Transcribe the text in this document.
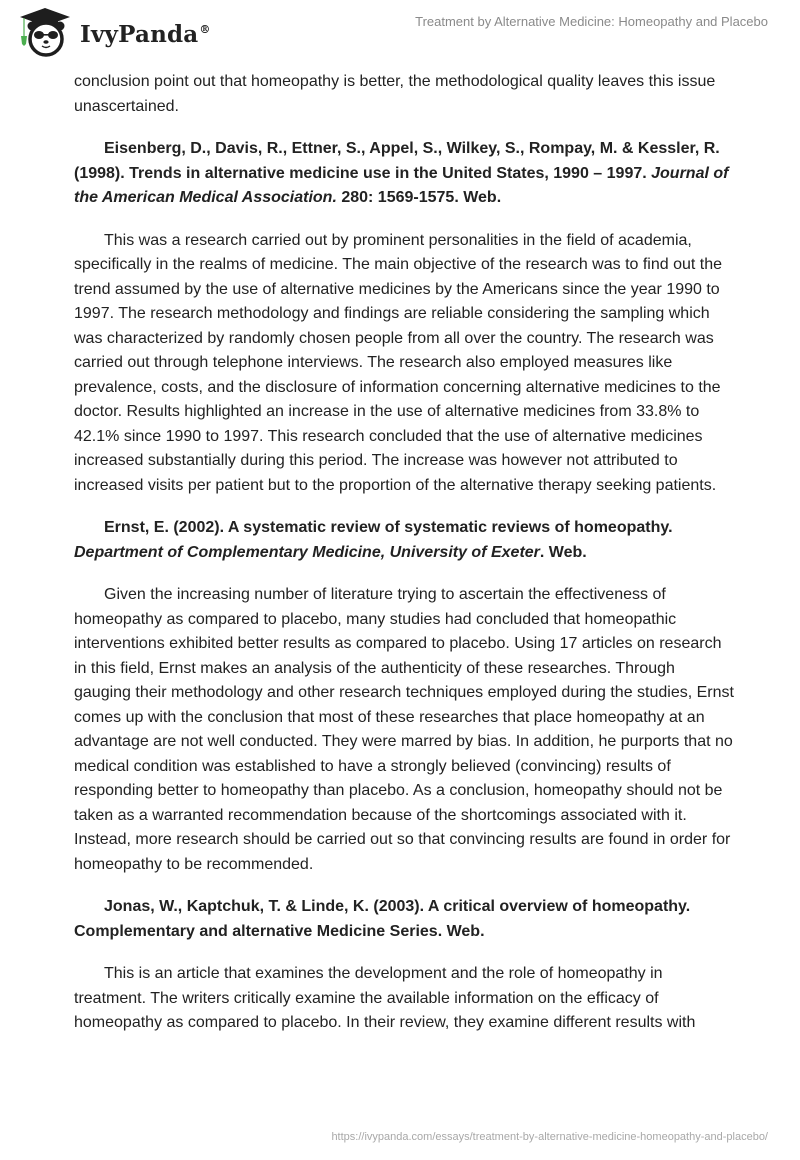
IvyPanda®
Treatment by Alternative Medicine: Homeopathy and Placebo

conclusion point out that homeopathy is better, the methodological quality leaves this issue unascertained.

Eisenberg, D., Davis, R., Ettner, S., Appel, S., Wilkey, S., Rompay, M. & Kessler, R. (1998). Trends in alternative medicine use in the United States, 1990 – 1997. Journal of the American Medical Association. 280: 1569-1575. Web.

This was a research carried out by prominent personalities in the field of academia, specifically in the realms of medicine. The main objective of the research was to find out the trend assumed by the use of alternative medicines by the Americans since the year 1990 to 1997. The research methodology and findings are reliable considering the sampling which was characterized by randomly chosen people from all over the country. The research was carried out through telephone interviews. The research also employed measures like prevalence, costs, and the disclosure of information concerning alternative medicines to the doctor. Results highlighted an increase in the use of alternative medicines from 33.8% to 42.1% since 1990 to 1997. This research concluded that the use of alternative medicines increased substantially during this period. The increase was however not attributed to increased visits per patient but to the proportion of the alternative therapy seeking patients.

Ernst, E. (2002). A systematic review of systematic reviews of homeopathy. Department of Complementary Medicine, University of Exeter. Web.

Given the increasing number of literature trying to ascertain the effectiveness of homeopathy as compared to placebo, many studies had concluded that homeopathic interventions exhibited better results as compared to placebo. Using 17 articles on research in this field, Ernst makes an analysis of the authenticity of these researches. Through gauging their methodology and other research techniques employed during the studies, Ernst comes up with the conclusion that most of these researches that place homeopathy at an advantage are not well conducted. They were marred by bias. In addition, he purports that no medical condition was established to have a strongly believed (convincing) results of responding better to homeopathy than placebo. As a conclusion, homeopathy should not be taken as a warranted recommendation because of the shortcomings associated with it. Instead, more research should be carried out so that convincing results are found in order for homeopathy to be recommended.

Jonas, W., Kaptchuk, T. & Linde, K. (2003). A critical overview of homeopathy. Complementary and alternative Medicine Series. Web.

This is an article that examines the development and the role of homeopathy in treatment. The writers critically examine the available information on the efficacy of homeopathy as compared to placebo. In their review, they examine different results with

https://ivypanda.com/essays/treatment-by-alternative-medicine-homeopathy-and-placebo/
